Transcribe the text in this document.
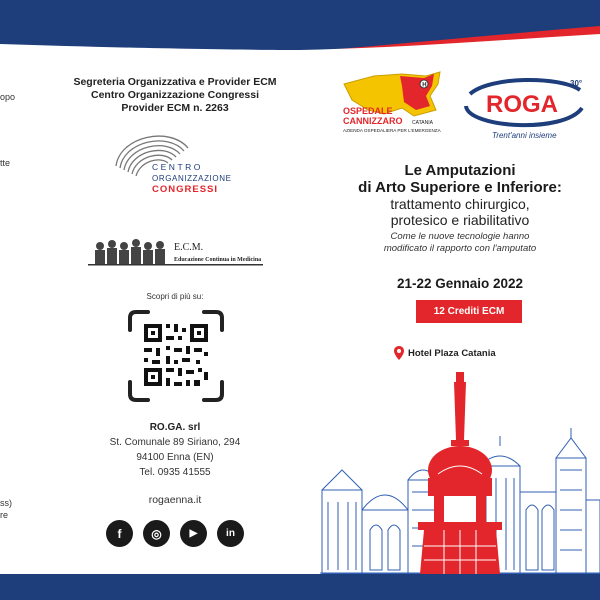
opo
tte
ss)
re
Segreteria Organizzativa e Provider ECM
Centro Organizzazione Congressi
Provider ECM n. 2263
CENTRO
ORGANIZZAZIONE
CONGRESSI
E.C.M.
Educazione Continua in Medicina
Scopri di più su:
RO.GA. srl
St. Comunale 89 Siriano, 294
94100 Enna (EN)
Tel. 0935 41555
rogaenna.it
f	◎	▶	in
H
OSPEDALE
CANNIZZARO CATANIA
AZIENDA OSPEDALIERA PER L'EMERGENZA
ROGA
30°
Trent'anni insieme
Le Amputazioni
di Arto Superiore e Inferiore:
trattamento chirurgico,
protesico e riabilitativo
Come le nuove tecnologie hanno
modificato il rapporto con l'amputato
21-22 Gennaio 2022
12 Crediti ECM
Hotel Plaza Catania
